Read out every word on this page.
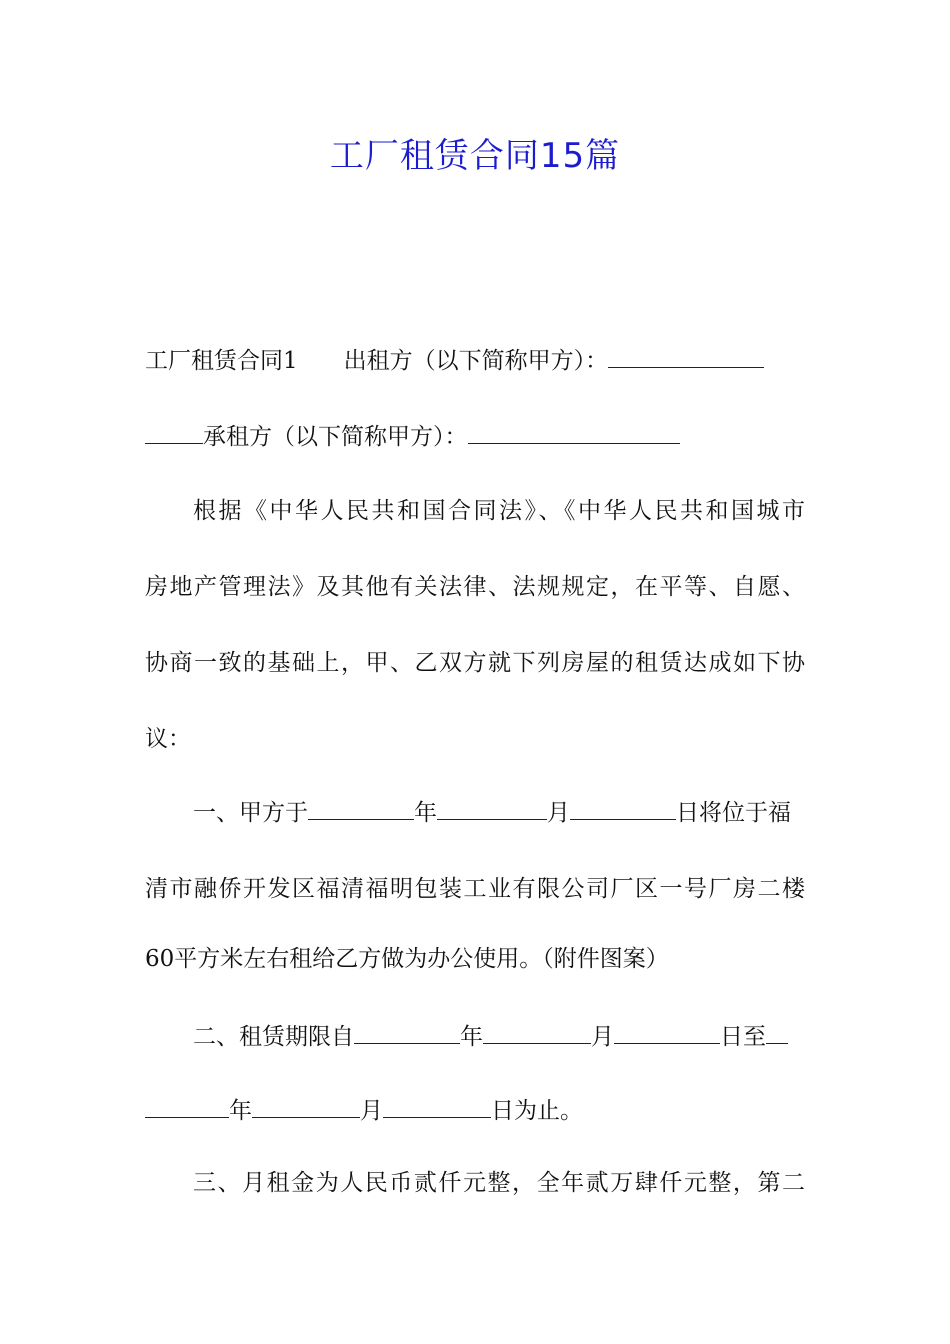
工厂租赁合同15篇
工厂租赁合同1 出租方（以下简称甲方）：
承租方（以下简称甲方）：
根据《中华人民共和国合同法》、《中华人民共和国城市
房地产管理法》及其他有关法律、法规规定，在平等、自愿、
协商一致的基础上，甲、乙双方就下列房屋的租赁达成如下协
议：
一、甲方于	年	月	日将位于福
清市融侨开发区福清福明包装工业有限公司厂区一号厂房二楼
60平方米左右租给乙方做为办公使用。（附件图案）
二、租赁期限自	年	月	日至
年	月	日为止。
三、月租金为人民币贰仟元整，全年贰万肆仟元整，第二
